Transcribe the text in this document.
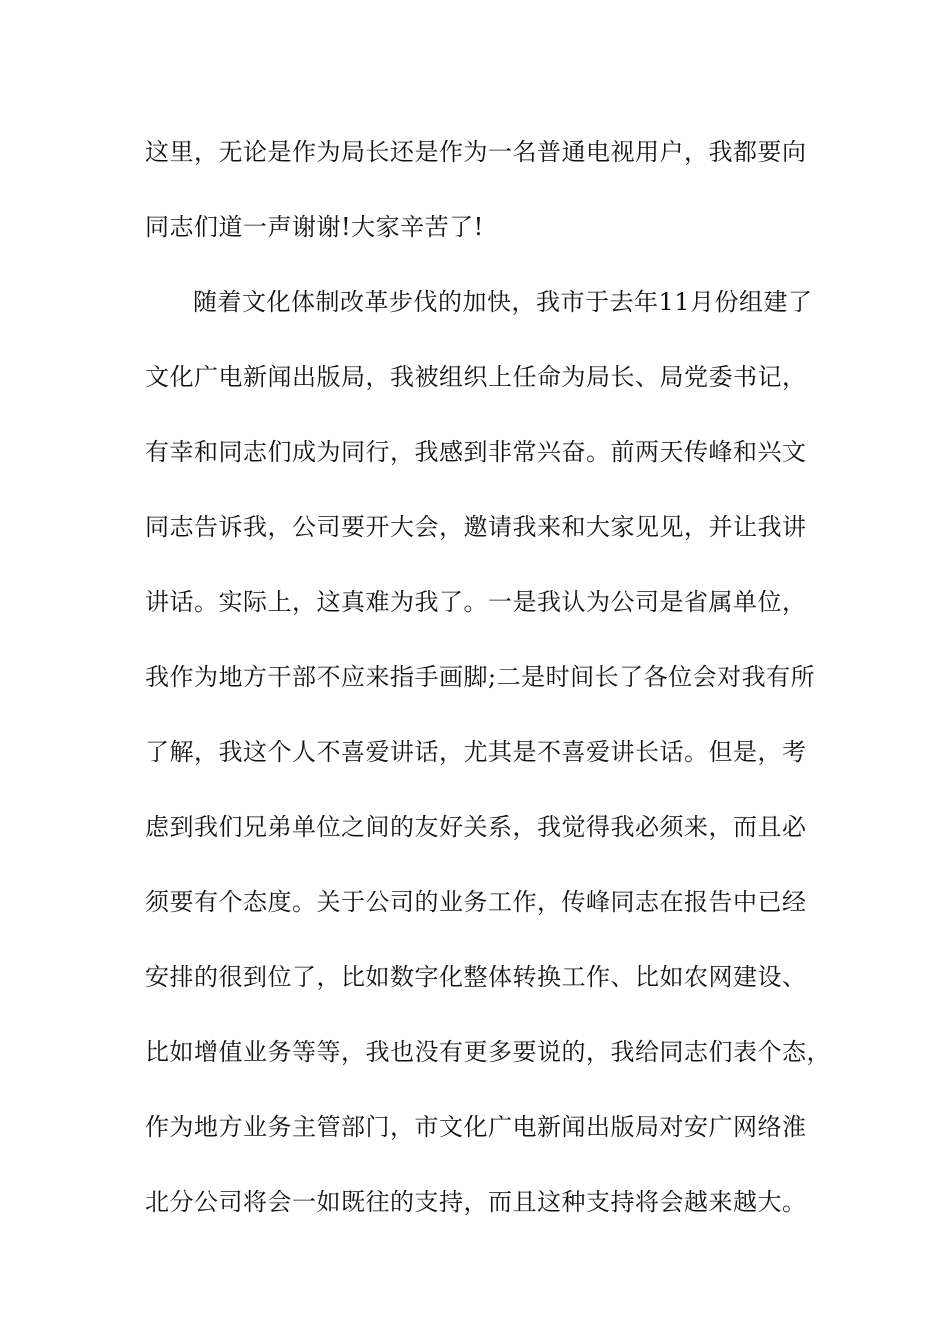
这里，无论是作为局长还是作为一名普通电视用户，我都要向
同志们道一声谢谢!大家辛苦了!
随着文化体制改革步伐的加快，我市于去年11月份组建了
文化广电新闻出版局，我被组织上任命为局长、局党委书记，
有幸和同志们成为同行，我感到非常兴奋。前两天传峰和兴文
同志告诉我，公司要开大会，邀请我来和大家见见，并让我讲
讲话。实际上，这真难为我了。一是我认为公司是省属单位，
我作为地方干部不应来指手画脚;二是时间长了各位会对我有所
了解，我这个人不喜爱讲话，尤其是不喜爱讲长话。但是，考
虑到我们兄弟单位之间的友好关系，我觉得我必须来，而且必
须要有个态度。关于公司的业务工作，传峰同志在报告中已经
安排的很到位了，比如数字化整体转换工作、比如农网建设、
比如增值业务等等，我也没有更多要说的，我给同志们表个态，
作为地方业务主管部门，市文化广电新闻出版局对安广网络淮
北分公司将会一如既往的支持，而且这种支持将会越来越大。
